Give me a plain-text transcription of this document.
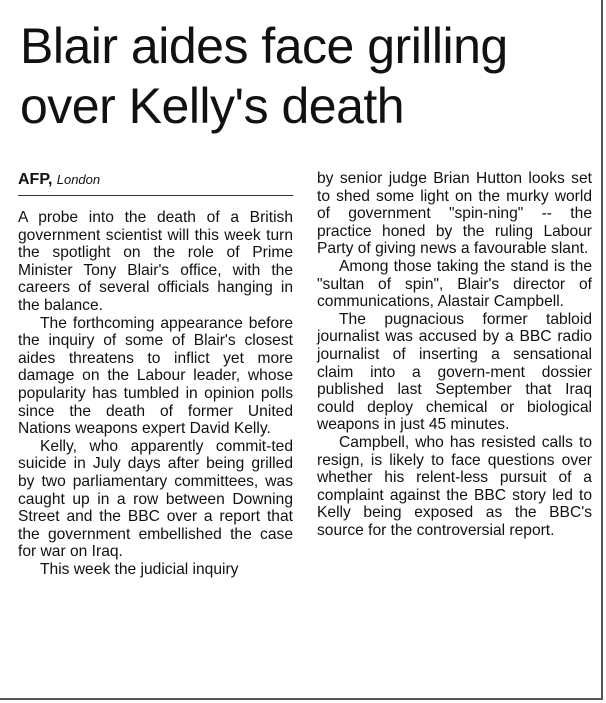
Blair aides face grilling
over Kelly's death

AFP, London

A probe into the death of a British government scientist will this week turn the spotlight on the role of Prime Minister Tony Blair's office, with the careers of several officials hanging in the balance.

The forthcoming appearance before the inquiry of some of Blair's closest aides threatens to inflict yet more damage on the Labour leader, whose popularity has tumbled in opinion polls since the death of former United Nations weapons expert David Kelly.

Kelly, who apparently commit-ted suicide in July days after being grilled by two parliamentary committees, was caught up in a row between Downing Street and the BBC over a report that the government embellished the case for war on Iraq.

This week the judicial inquiry

by senior judge Brian Hutton looks set to shed some light on the murky world of government "spin-ning" -- the practice honed by the ruling Labour Party of giving news a favourable slant.

Among those taking the stand is the "sultan of spin", Blair's director of communications, Alastair Campbell.

The pugnacious former tabloid journalist was accused by a BBC radio journalist of inserting a sensational claim into a govern-ment dossier published last September that Iraq could deploy chemical or biological weapons in just 45 minutes.

Campbell, who has resisted calls to resign, is likely to face questions over whether his relent-less pursuit of a complaint against the BBC story led to Kelly being exposed as the BBC's source for the controversial report.
